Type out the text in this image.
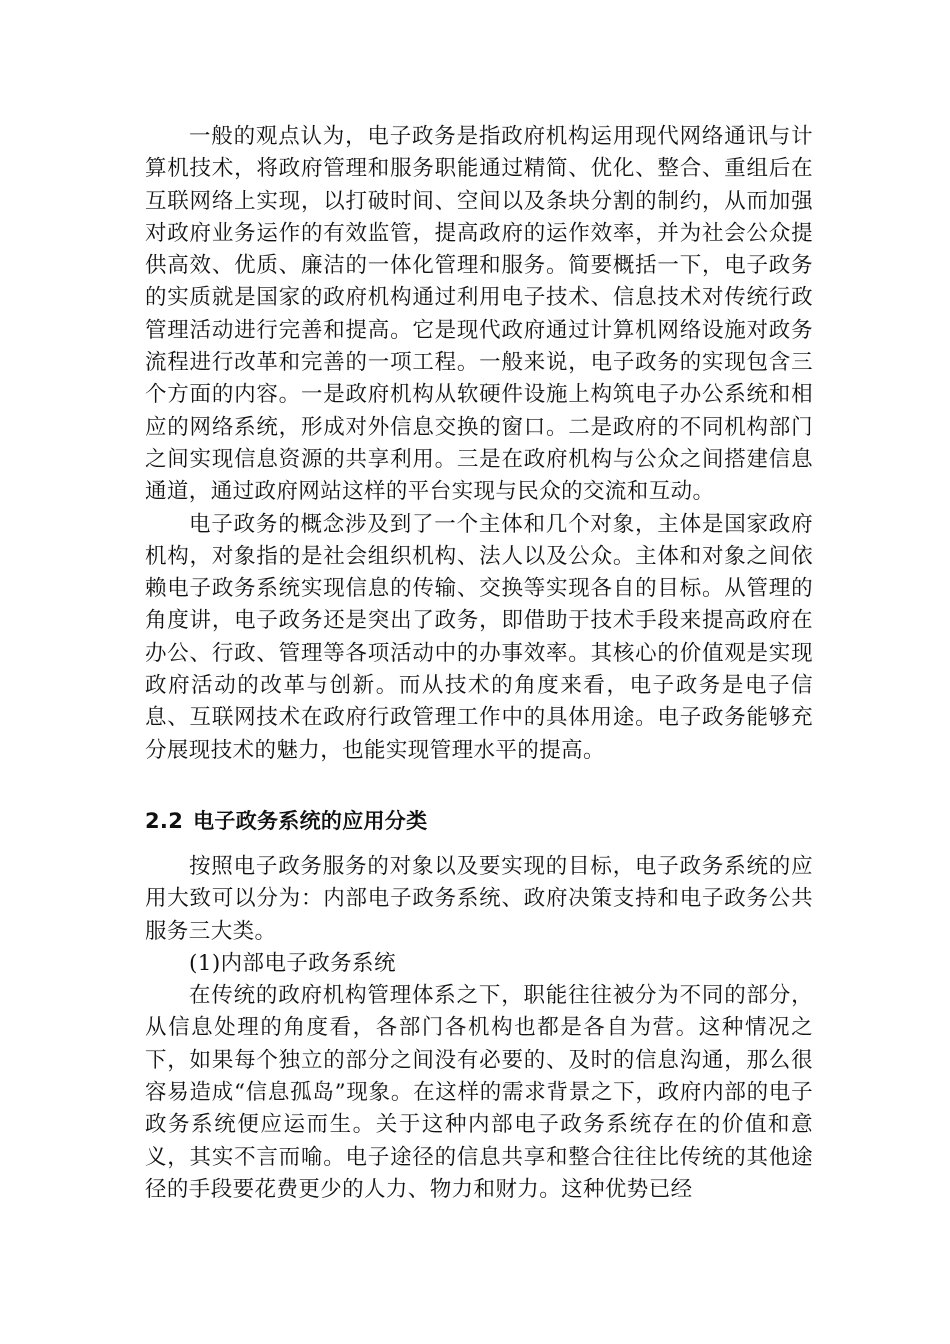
一般的观点认为，电子政务是指政府机构运用现代网络通讯与计算机技术，将政府管理和服务职能通过精简、优化、整合、重组后在互联网络上实现，以打破时间、空间以及条块分割的制约，从而加强对政府业务运作的有效监管，提高政府的运作效率，并为社会公众提供高效、优质、廉洁的一体化管理和服务。简要概括一下，电子政务的实质就是国家的政府机构通过利用电子技术、信息技术对传统行政管理活动进行完善和提高。它是现代政府通过计算机网络设施对政务流程进行改革和完善的一项工程。一般来说，电子政务的实现包含三个方面的内容。一是政府机构从软硬件设施上构筑电子办公系统和相应的网络系统，形成对外信息交换的窗口。二是政府的不同机构部门之间实现信息资源的共享利用。三是在政府机构与公众之间搭建信息通道，通过政府网站这样的平台实现与民众的交流和互动。

电子政务的概念涉及到了一个主体和几个对象，主体是国家政府机构，对象指的是社会组织机构、法人以及公众。主体和对象之间依赖电子政务系统实现信息的传输、交换等实现各自的目标。从管理的角度讲，电子政务还是突出了政务，即借助于技术手段来提高政府在办公、行政、管理等各项活动中的办事效率。其核心的价值观是实现政府活动的改革与创新。而从技术的角度来看，电子政务是电子信息、互联网技术在政府行政管理工作中的具体用途。电子政务能够充分展现技术的魅力，也能实现管理水平的提高。

2.2 电子政务系统的应用分类

按照电子政务服务的对象以及要实现的目标，电子政务系统的应用大致可以分为：内部电子政务系统、政府决策支持和电子政务公共服务三大类。

(1)内部电子政务系统

在传统的政府机构管理体系之下，职能往往被分为不同的部分，从信息处理的角度看，各部门各机构也都是各自为营。这种情况之下，如果每个独立的部分之间没有必要的、及时的信息沟通，那么很容易造成“信息孤岛”现象。在这样的需求背景之下，政府内部的电子政务系统便应运而生。关于这种内部电子政务系统存在的价值和意义，其实不言而喻。电子途径的信息共享和整合往往比传统的其他途径的手段要花费更少的人力、物力和财力。这种优势已经
